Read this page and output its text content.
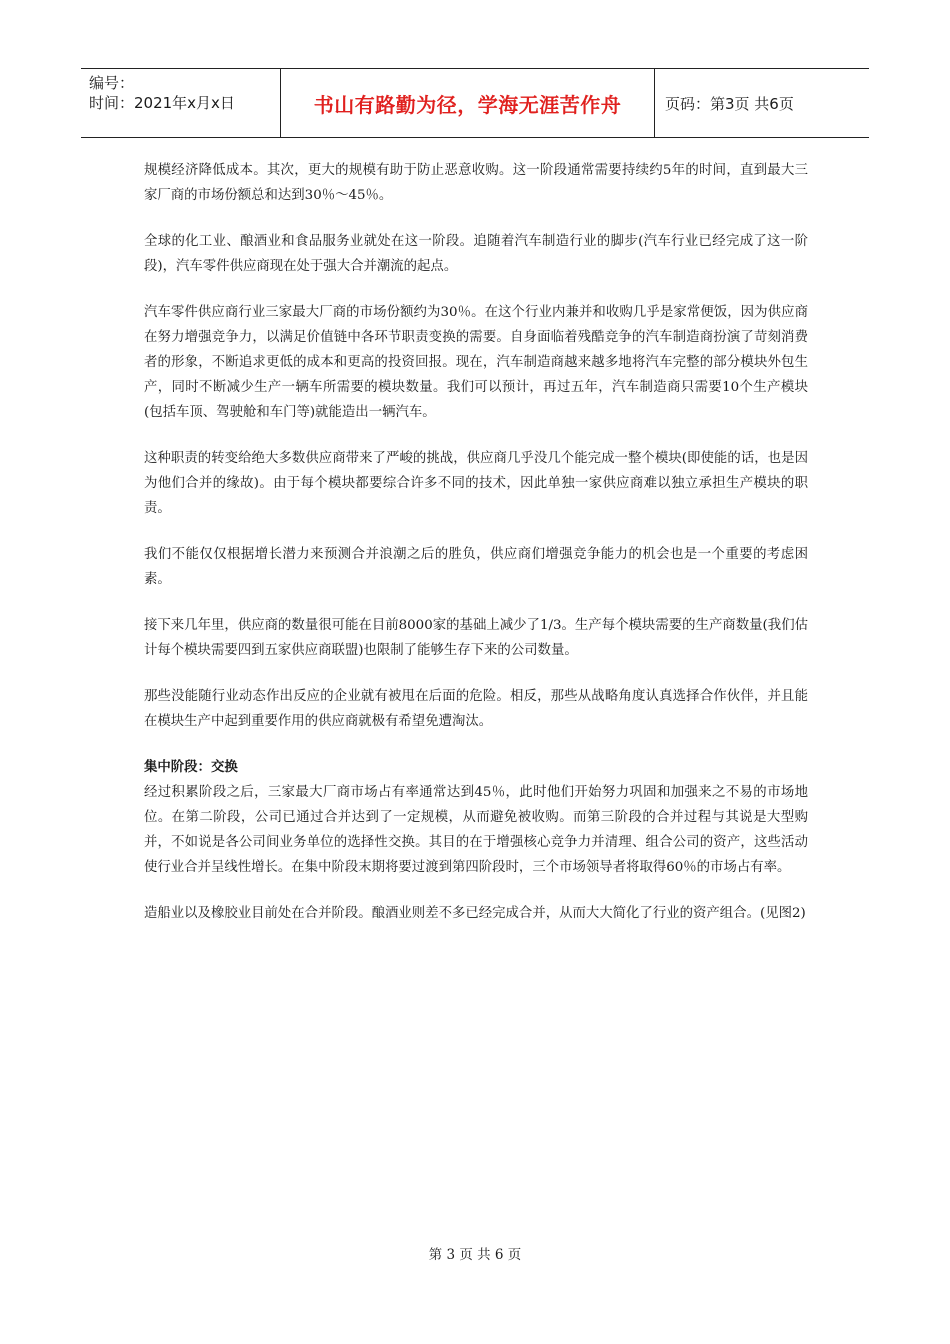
编号：
时间：2021年x月x日	书山有路勤为径，学海无涯苦作舟	页码：第3页 共6页

规模经济降低成本。其次，更大的规模有助于防止恶意收购。这一阶段通常需要持续约5年的时间，直到最大三家厂商的市场份额总和达到30％～45％。

全球的化工业、酿酒业和食品服务业就处在这一阶段。追随着汽车制造行业的脚步(汽车行业已经完成了这一阶段)，汽车零件供应商现在处于强大合并潮流的起点。

汽车零件供应商行业三家最大厂商的市场份额约为30％。在这个行业内兼并和收购几乎是家常便饭，因为供应商在努力增强竞争力，以满足价值链中各环节职责变换的需要。自身面临着残酷竞争的汽车制造商扮演了苛刻消费者的形象，不断追求更低的成本和更高的投资回报。现在，汽车制造商越来越多地将汽车完整的部分模块外包生产，同时不断减少生产一辆车所需要的模块数量。我们可以预计，再过五年，汽车制造商只需要10个生产模块(包括车顶、驾驶舱和车门等)就能造出一辆汽车。

这种职责的转变给绝大多数供应商带来了严峻的挑战，供应商几乎没几个能完成一整个模块(即使能的话，也是因为他们合并的缘故)。由于每个模块都要综合许多不同的技术，因此单独一家供应商难以独立承担生产模块的职责。

我们不能仅仅根据增长潜力来预测合并浪潮之后的胜负，供应商们增强竞争能力的机会也是一个重要的考虑困素。

接下来几年里，供应商的数量很可能在目前8000家的基础上减少了1/3。生产每个模块需要的生产商数量(我们估计每个模块需要四到五家供应商联盟)也限制了能够生存下来的公司数量。

那些没能随行业动态作出反应的企业就有被甩在后面的危险。相反，那些从战略角度认真选择合作伙伴，并且能在模块生产中起到重要作用的供应商就极有希望免遭淘汰。

集中阶段：交换

经过积累阶段之后，三家最大厂商市场占有率通常达到45％，此时他们开始努力巩固和加强来之不易的市场地位。在第二阶段，公司已通过合并达到了一定规模，从而避免被收购。而第三阶段的合并过程与其说是大型购并，不如说是各公司间业务单位的选择性交换。其目的在于增强核心竞争力并清理、组合公司的资产，这些活动使行业合并呈线性增长。在集中阶段末期将要过渡到第四阶段时，三个市场领导者将取得60％的市场占有率。

造船业以及橡胶业目前处在合并阶段。酿酒业则差不多已经完成合并，从而大大简化了行业的资产组合。(见图2)

第 3 页 共 6 页
